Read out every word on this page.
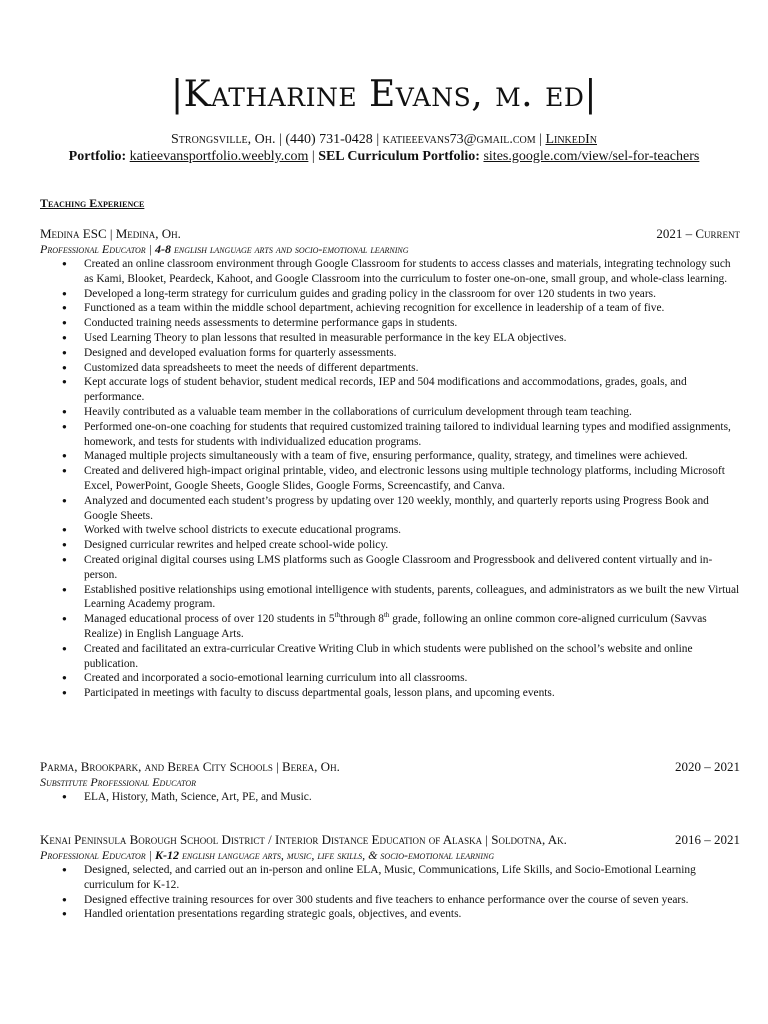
|Katharine Evans, m. ed|
Strongsville, Oh. | (440) 731-0428 | katieeevans73@gmail.com | LinkedIn
Portfolio: katieevansportfolio.weebly.com | SEL Curriculum Portfolio: sites.google.com/view/sel-for-teachers
Teaching Experience
Medina ESC | Medina, Oh.	2021 – Current
Professional Educator | 4-8 english language arts and socio-emotional learning
● Created an online classroom environment through Google Classroom for students to access classes and materials, integrating technology such as Kami, Blooket, Peardeck, Kahoot, and Google Classroom into the curriculum to foster one-on-one, small group, and whole-class learning.
● Developed a long-term strategy for curriculum guides and grading policy in the classroom for over 120 students in two years.
● Functioned as a team within the middle school department, achieving recognition for excellence in leadership of a team of five.
● Conducted training needs assessments to determine performance gaps in students.
● Used Learning Theory to plan lessons that resulted in measurable performance in the key ELA objectives.
● Designed and developed evaluation forms for quarterly assessments.
● Customized data spreadsheets to meet the needs of different departments.
● Kept accurate logs of student behavior, student medical records, IEP and 504 modifications and accommodations, grades, goals, and performance.
● Heavily contributed as a valuable team member in the collaborations of curriculum development through team teaching.
● Performed one-on-one coaching for students that required customized training tailored to individual learning types and modified assignments, homework, and tests for students with individualized education programs.
● Managed multiple projects simultaneously with a team of five, ensuring performance, quality, strategy, and timelines were achieved.
● Created and delivered high-impact original printable, video, and electronic lessons using multiple technology platforms, including Microsoft Excel, PowerPoint, Google Sheets, Google Slides, Google Forms, Screencastify, and Canva.
● Analyzed and documented each student’s progress by updating over 120 weekly, monthly, and quarterly reports using Progress Book and Google Sheets.
● Worked with twelve school districts to execute educational programs.
● Designed curricular rewrites and helped create school-wide policy.
● Created original digital courses using LMS platforms such as Google Classroom and Progressbook and delivered content virtually and in-person.
● Established positive relationships using emotional intelligence with students, parents, colleagues, and administrators as we built the new Virtual Learning Academy program.
● Managed educational process of over 120 students in 5ththrough 8th grade, following an online common core-aligned curriculum (Savvas Realize) in English Language Arts.
● Created and facilitated an extra-curricular Creative Writing Club in which students were published on the school’s website and online publication.
● Created and incorporated a socio-emotional learning curriculum into all classrooms.
● Participated in meetings with faculty to discuss departmental goals, lesson plans, and upcoming events.
Parma, Brookpark, and Berea City Schools | Berea, Oh.	2020 – 2021
Substitute Professional Educator
● ELA, History, Math, Science, Art, PE, and Music.
Kenai Peninsula Borough School District / Interior Distance Education of Alaska | Soldotna, Ak.	2016 – 2021
Professional Educator | K-12 english language arts, music, life skills, & socio-emotional learning
● Designed, selected, and carried out an in-person and online ELA, Music, Communications, Life Skills, and Socio-Emotional Learning curriculum for K-12.
● Designed effective training resources for over 300 students and five teachers to enhance performance over the course of seven years.
● Handled orientation presentations regarding strategic goals, objectives, and events.
